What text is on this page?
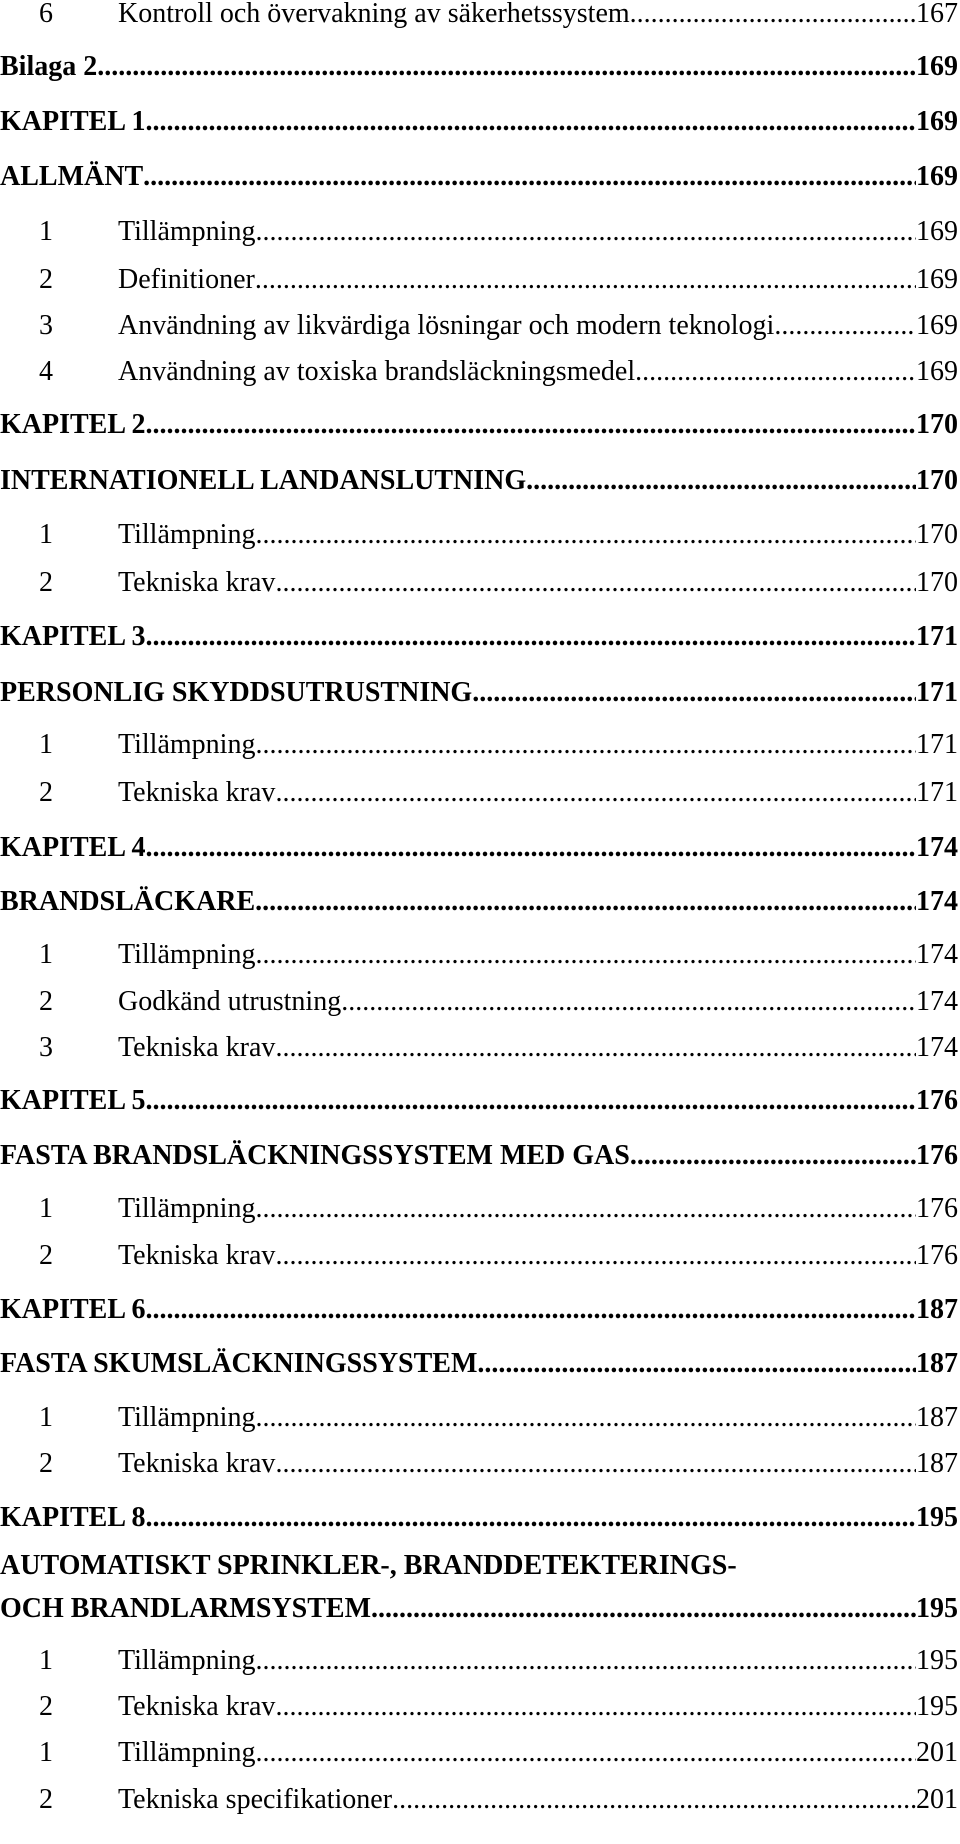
6	Kontroll och övervakning av säkerhetssystem .....	167
Bilaga 2 .....	169
KAPITEL 1 .....	169
ALLMÄNT .....	169
1	Tillämpning .....	169
2	Definitioner .....	169
3	Användning av likvärdiga lösningar och modern teknologi .....	169
4	Användning av toxiska brandsläckningsmedel .....	169
KAPITEL 2 .....	170
INTERNATIONELL LANDANSLUTNING .....	170
1	Tillämpning .....	170
2	Tekniska krav .....	170
KAPITEL 3 .....	171
PERSONLIG SKYDDSUTRUSTNING .....	171
1	Tillämpning .....	171
2	Tekniska krav .....	171
KAPITEL 4 .....	174
BRANDSLÄCKARE .....	174
1	Tillämpning .....	174
2	Godkänd utrustning .....	174
3	Tekniska krav .....	174
KAPITEL 5 .....	176
FASTA BRANDSLÄCKNINGSSYSTEM MED GAS .....	176
1	Tillämpning .....	176
2	Tekniska krav .....	176
KAPITEL 6 .....	187
FASTA SKUMSLÄCKNINGSSYSTEM .....	187
1	Tillämpning .....	187
2	Tekniska krav .....	187
KAPITEL 8 .....	195
AUTOMATISKT SPRINKLER-, BRANDDETEKTERINGS-
OCH BRANDLARMSYSTEM .....	195
1	Tillämpning .....	195
2	Tekniska krav .....	195
1	Tillämpning .....	201
2	Tekniska specifikationer .....	201
